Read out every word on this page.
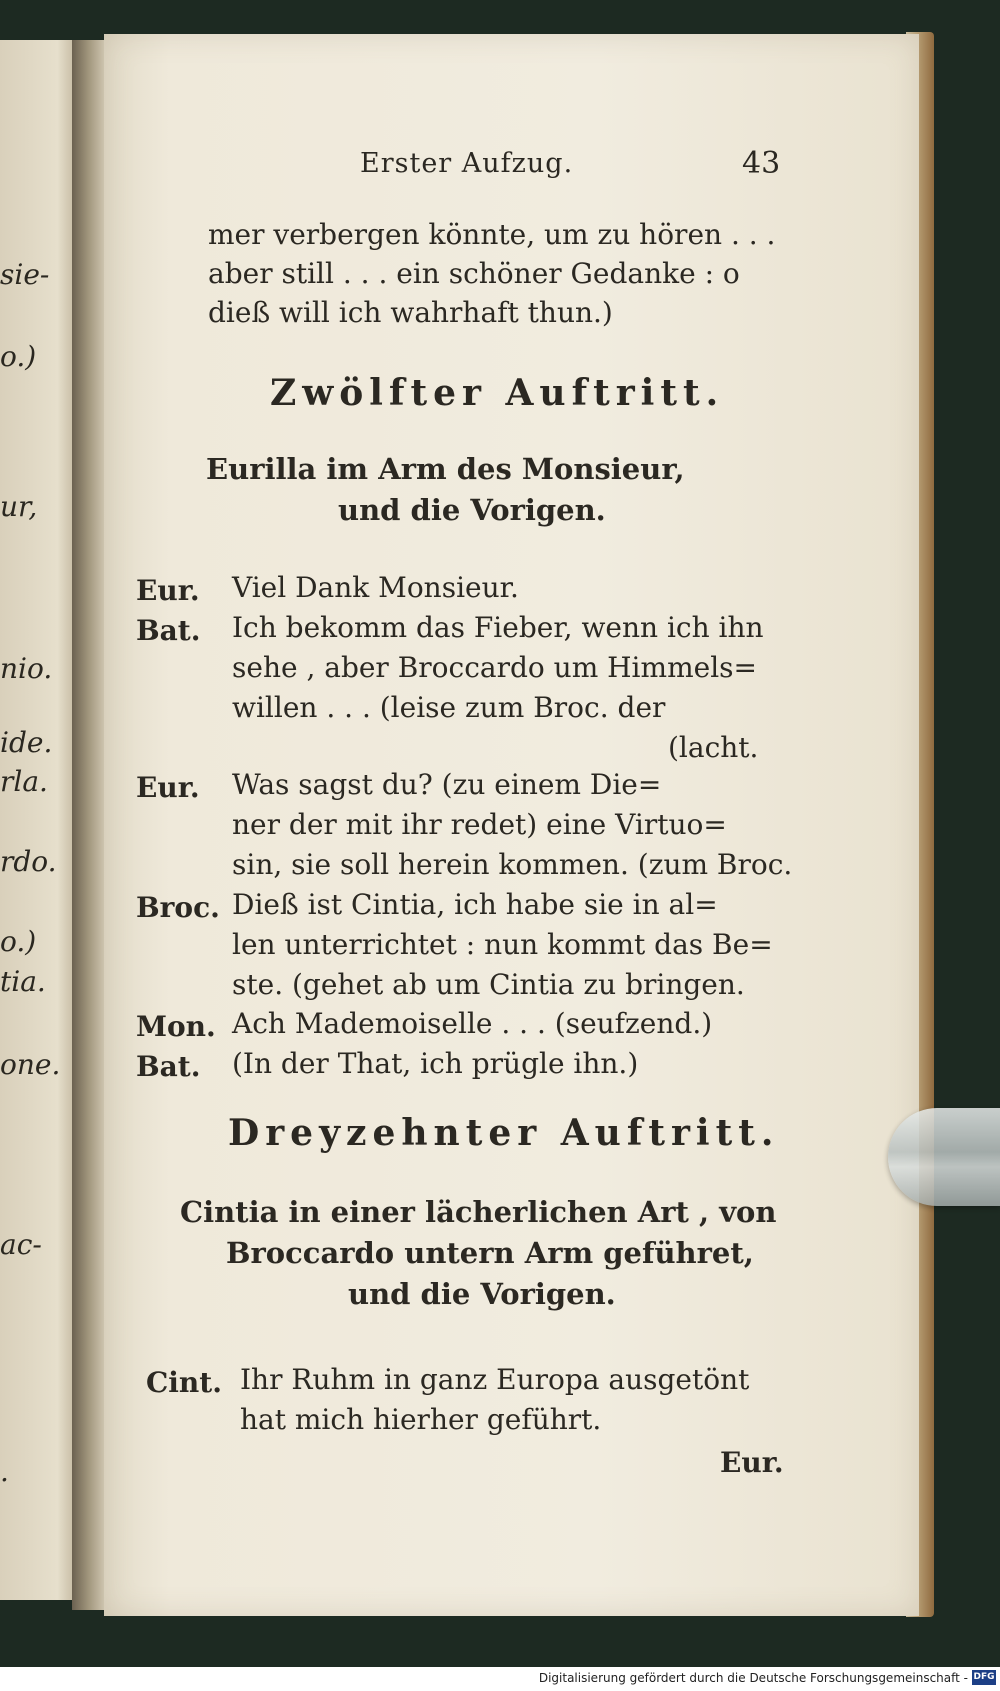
sie-
o.)
ur,
nio.
ide.
rla.
rdo.
o.)
tia.
one.
ac-
.
Erster Aufzug.	43
mer verbergen könnte, um zu hören . . .
aber still . . . ein schöner Gedanke : o
dieß will ich wahrhaft thun.)
Zwölfter Auftritt.
Eurilla im Arm des Monsieur,
und die Vorigen.
Eur. Viel Dank Monsieur.
Bat. Ich bekomm das Fieber, wenn ich ihn
sehe , aber Broccardo um Himmels=
willen . . . (leise zum Broc. der
(lacht.
Eur. Was sagst du? (zu einem Die=
ner der mit ihr redet) eine Virtuo=
sin, sie soll herein kommen. (zum Broc.
Broc. Dieß ist Cintia, ich habe sie in al=
len unterrichtet : nun kommt das Be=
ste. (gehet ab um Cintia zu bringen.
Mon. Ach Mademoiselle . . . (seufzend.)
Bat. (In der That, ich prügle ihn.)
Dreyzehnter Auftritt.
Cintia in einer lächerlichen Art , von
Broccardo untern Arm geführet,
und die Vorigen.
Cint. Ihr Ruhm in ganz Europa ausgetönt
hat mich hierher geführt.
Eur.
Digitalisierung gefördert durch die Deutsche Forschungsgemeinschaft - DFG
